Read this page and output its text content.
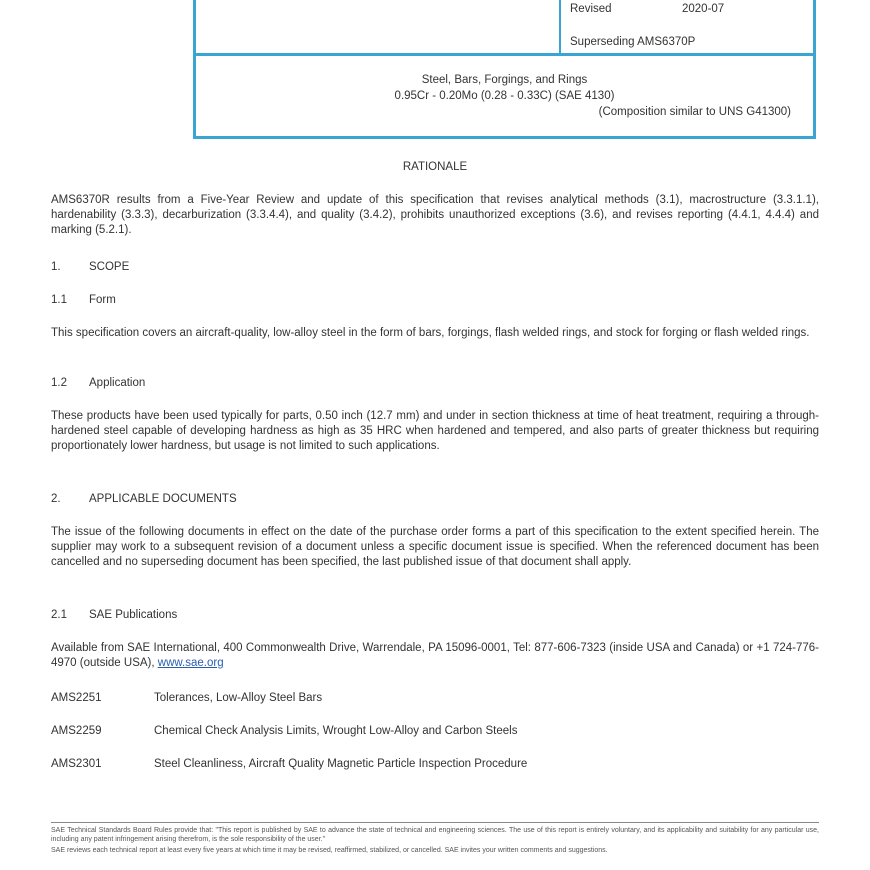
Revised	2020-07
Superseding AMS6370P
Steel, Bars, Forgings, and Rings
0.95Cr - 0.20Mo (0.28 - 0.33C) (SAE 4130)
(Composition similar to UNS G41300)
RATIONALE
AMS6370R results from a Five-Year Review and update of this specification that revises analytical methods (3.1), macrostructure (3.3.1.1), hardenability (3.3.3), decarburization (3.3.4.4), and quality (3.4.2), prohibits unauthorized exceptions (3.6), and revises reporting (4.4.1, 4.4.4) and marking (5.2.1).
1. SCOPE
1.1 Form
This specification covers an aircraft-quality, low-alloy steel in the form of bars, forgings, flash welded rings, and stock for forging or flash welded rings.
1.2 Application
These products have been used typically for parts, 0.50 inch (12.7 mm) and under in section thickness at time of heat treatment, requiring a through-hardened steel capable of developing hardness as high as 35 HRC when hardened and tempered, and also parts of greater thickness but requiring proportionately lower hardness, but usage is not limited to such applications.
2. APPLICABLE DOCUMENTS
The issue of the following documents in effect on the date of the purchase order forms a part of this specification to the extent specified herein. The supplier may work to a subsequent revision of a document unless a specific document issue is specified. When the referenced document has been cancelled and no superseding document has been specified, the last published issue of that document shall apply.
2.1 SAE Publications
Available from SAE International, 400 Commonwealth Drive, Warrendale, PA 15096-0001, Tel: 877-606-7323 (inside USA and Canada) or +1 724-776-4970 (outside USA), www.sae.org
AMS2251	Tolerances, Low-Alloy Steel Bars
AMS2259	Chemical Check Analysis Limits, Wrought Low-Alloy and Carbon Steels
AMS2301	Steel Cleanliness, Aircraft Quality Magnetic Particle Inspection Procedure
SAE Technical Standards Board Rules provide that: "This report is published by SAE to advance the state of technical and engineering sciences. The use of this report is entirely voluntary, and its applicability and suitability for any particular use, including any patent infringement arising therefrom, is the sole responsibility of the user."
SAE reviews each technical report at least every five years at which time it may be revised, reaffirmed, stabilized, or cancelled. SAE invites your written comments and suggestions.
